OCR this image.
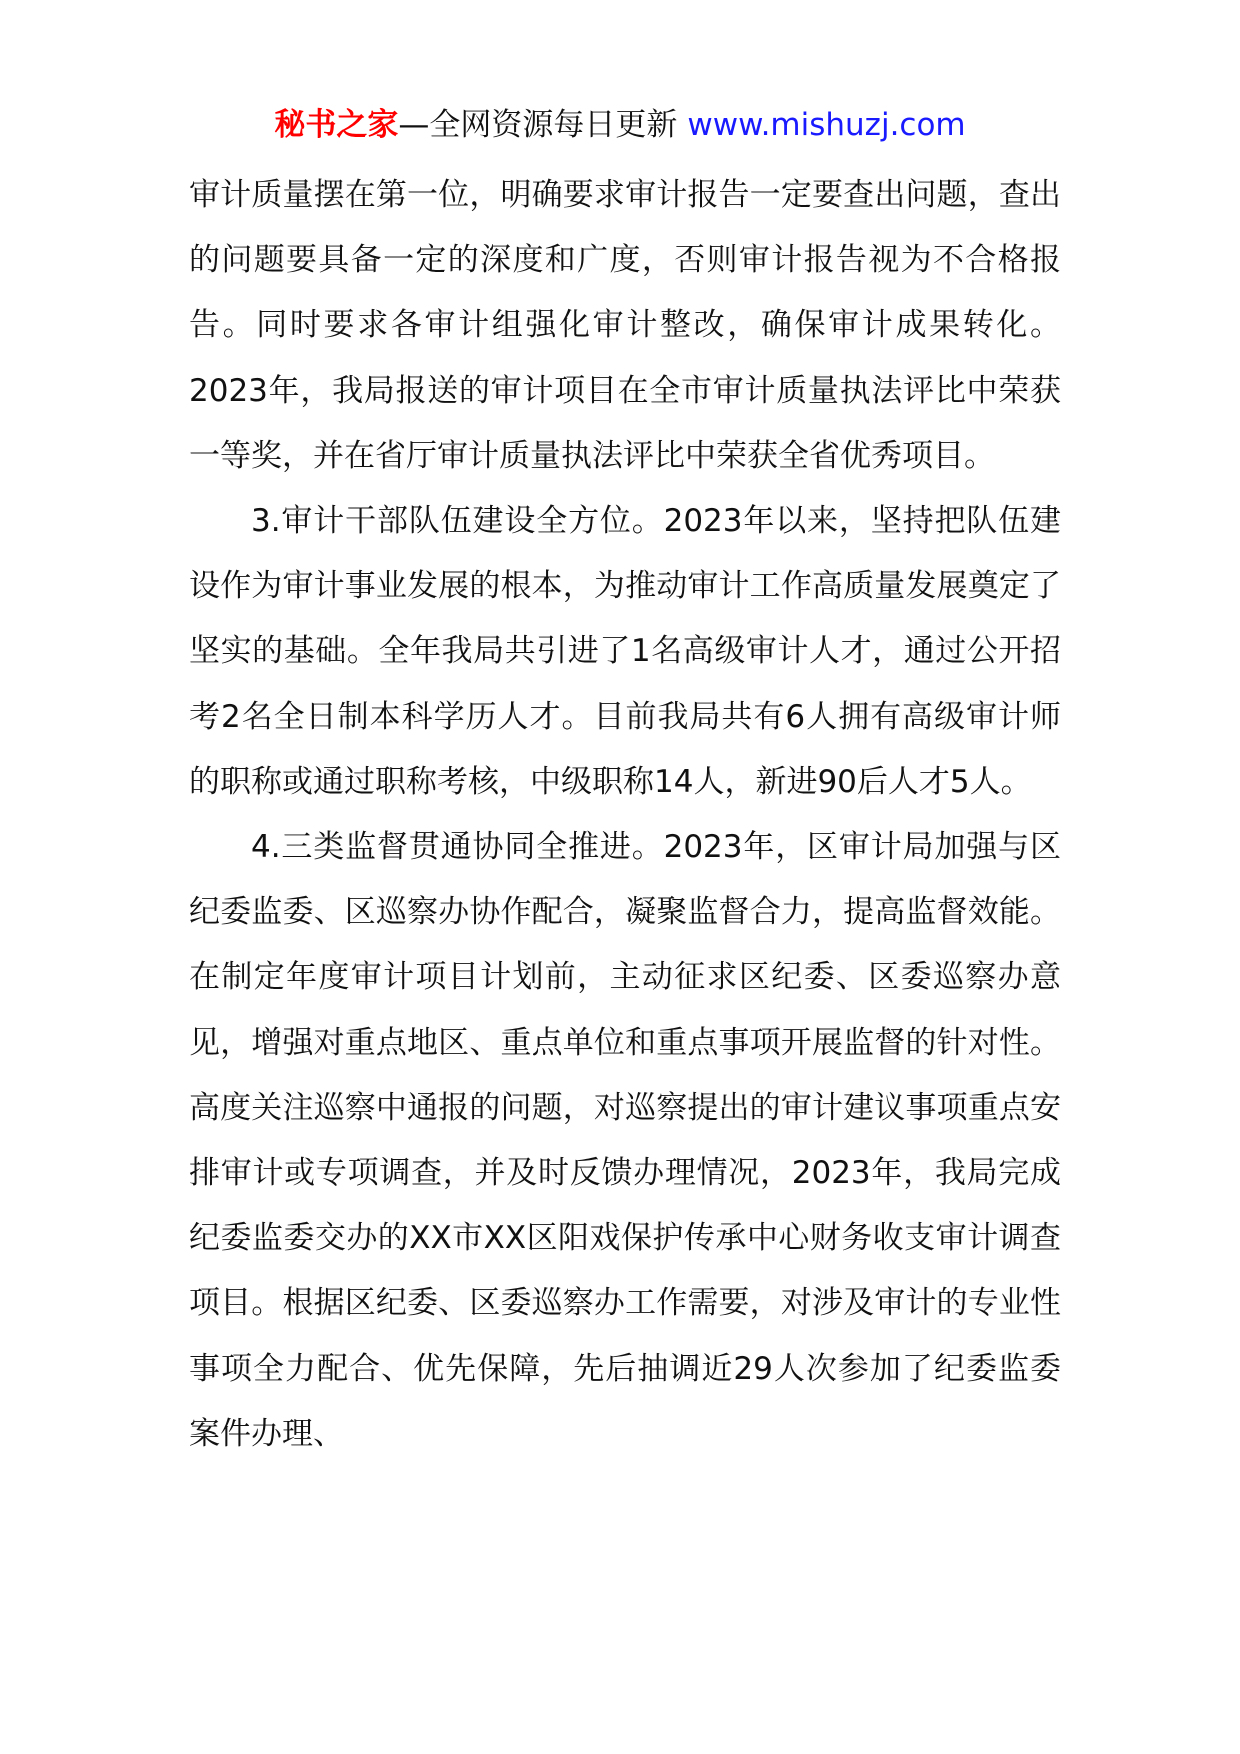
秘书之家—全网资源每日更新 www.mishuzj.com

审计质量摆在第一位，明确要求审计报告一定要查出问题，查出的问题要具备一定的深度和广度，否则审计报告视为不合格报告。同时要求各审计组强化审计整改，确保审计成果转化。2023年，我局报送的审计项目在全市审计质量执法评比中荣获一等奖，并在省厅审计质量执法评比中荣获全省优秀项目。

3.审计干部队伍建设全方位。2023年以来，坚持把队伍建设作为审计事业发展的根本，为推动审计工作高质量发展奠定了坚实的基础。全年我局共引进了1名高级审计人才，通过公开招考2名全日制本科学历人才。目前我局共有6人拥有高级审计师的职称或通过职称考核，中级职称14人，新进90后人才5人。

4.三类监督贯通协同全推进。2023年，区审计局加强与区纪委监委、区巡察办协作配合，凝聚监督合力，提高监督效能。在制定年度审计项目计划前，主动征求区纪委、区委巡察办意见，增强对重点地区、重点单位和重点事项开展监督的针对性。高度关注巡察中通报的问题，对巡察提出的审计建议事项重点安排审计或专项调查，并及时反馈办理情况，2023年，我局完成纪委监委交办的XX市XX区阳戏保护传承中心财务收支审计调查项目。根据区纪委、区委巡察办工作需要，对涉及审计的专业性事项全力配合、优先保障，先后抽调近29人次参加了纪委监委案件办理、
